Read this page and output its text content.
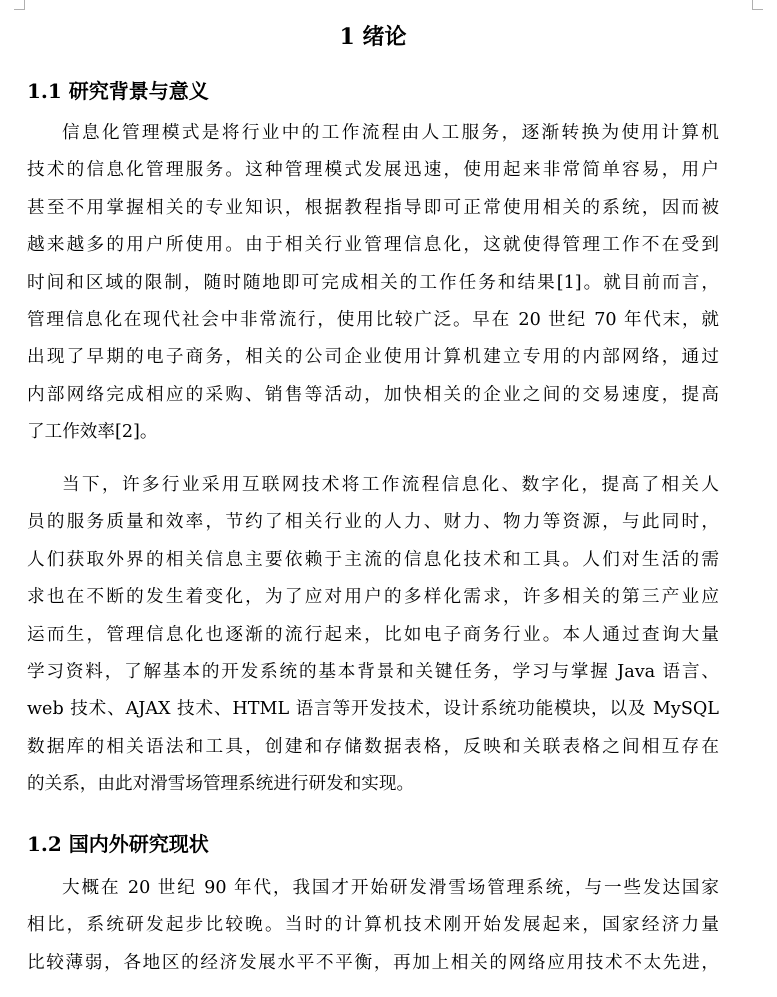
1 绪论
1.1 研究背景与意义

信息化管理模式是将行业中的工作流程由人工服务，逐渐转换为使用计算机
技术的信息化管理服务。这种管理模式发展迅速，使用起来非常简单容易，用户
甚至不用掌握相关的专业知识，根据教程指导即可正常使用相关的系统，因而被
越来越多的用户所使用。由于相关行业管理信息化，这就使得管理工作不在受到
时间和区域的限制，随时随地即可完成相关的工作任务和结果[1]。就目前而言，
管理信息化在现代社会中非常流行，使用比较广泛。早在 20 世纪 70 年代末，就
出现了早期的电子商务，相关的公司企业使用计算机建立专用的内部网络，通过
内部网络完成相应的采购、销售等活动，加快相关的企业之间的交易速度，提高
了工作效率[2]。

当下，许多行业采用互联网技术将工作流程信息化、数字化，提高了相关人
员的服务质量和效率，节约了相关行业的人力、财力、物力等资源，与此同时，
人们获取外界的相关信息主要依赖于主流的信息化技术和工具。人们对生活的需
求也在不断的发生着变化，为了应对用户的多样化需求，许多相关的第三产业应
运而生，管理信息化也逐渐的流行起来，比如电子商务行业。本人通过查询大量
学习资料，了解基本的开发系统的基本背景和关键任务，学习与掌握 Java 语言、
web 技术、AJAX 技术、HTML 语言等开发技术，设计系统功能模块，以及 MySQL
数据库的相关语法和工具，创建和存储数据表格，反映和关联表格之间相互存在
的关系，由此对滑雪场管理系统进行研发和实现。

1.2 国内外研究现状

大概在 20 世纪 90 年代，我国才开始研发滑雪场管理系统，与一些发达国家
相比，系统研发起步比较晚。当时的计算机技术刚开始发展起来，国家经济力量
比较薄弱，各地区的经济发展水平不平衡，再加上相关的网络应用技术不太先进，
